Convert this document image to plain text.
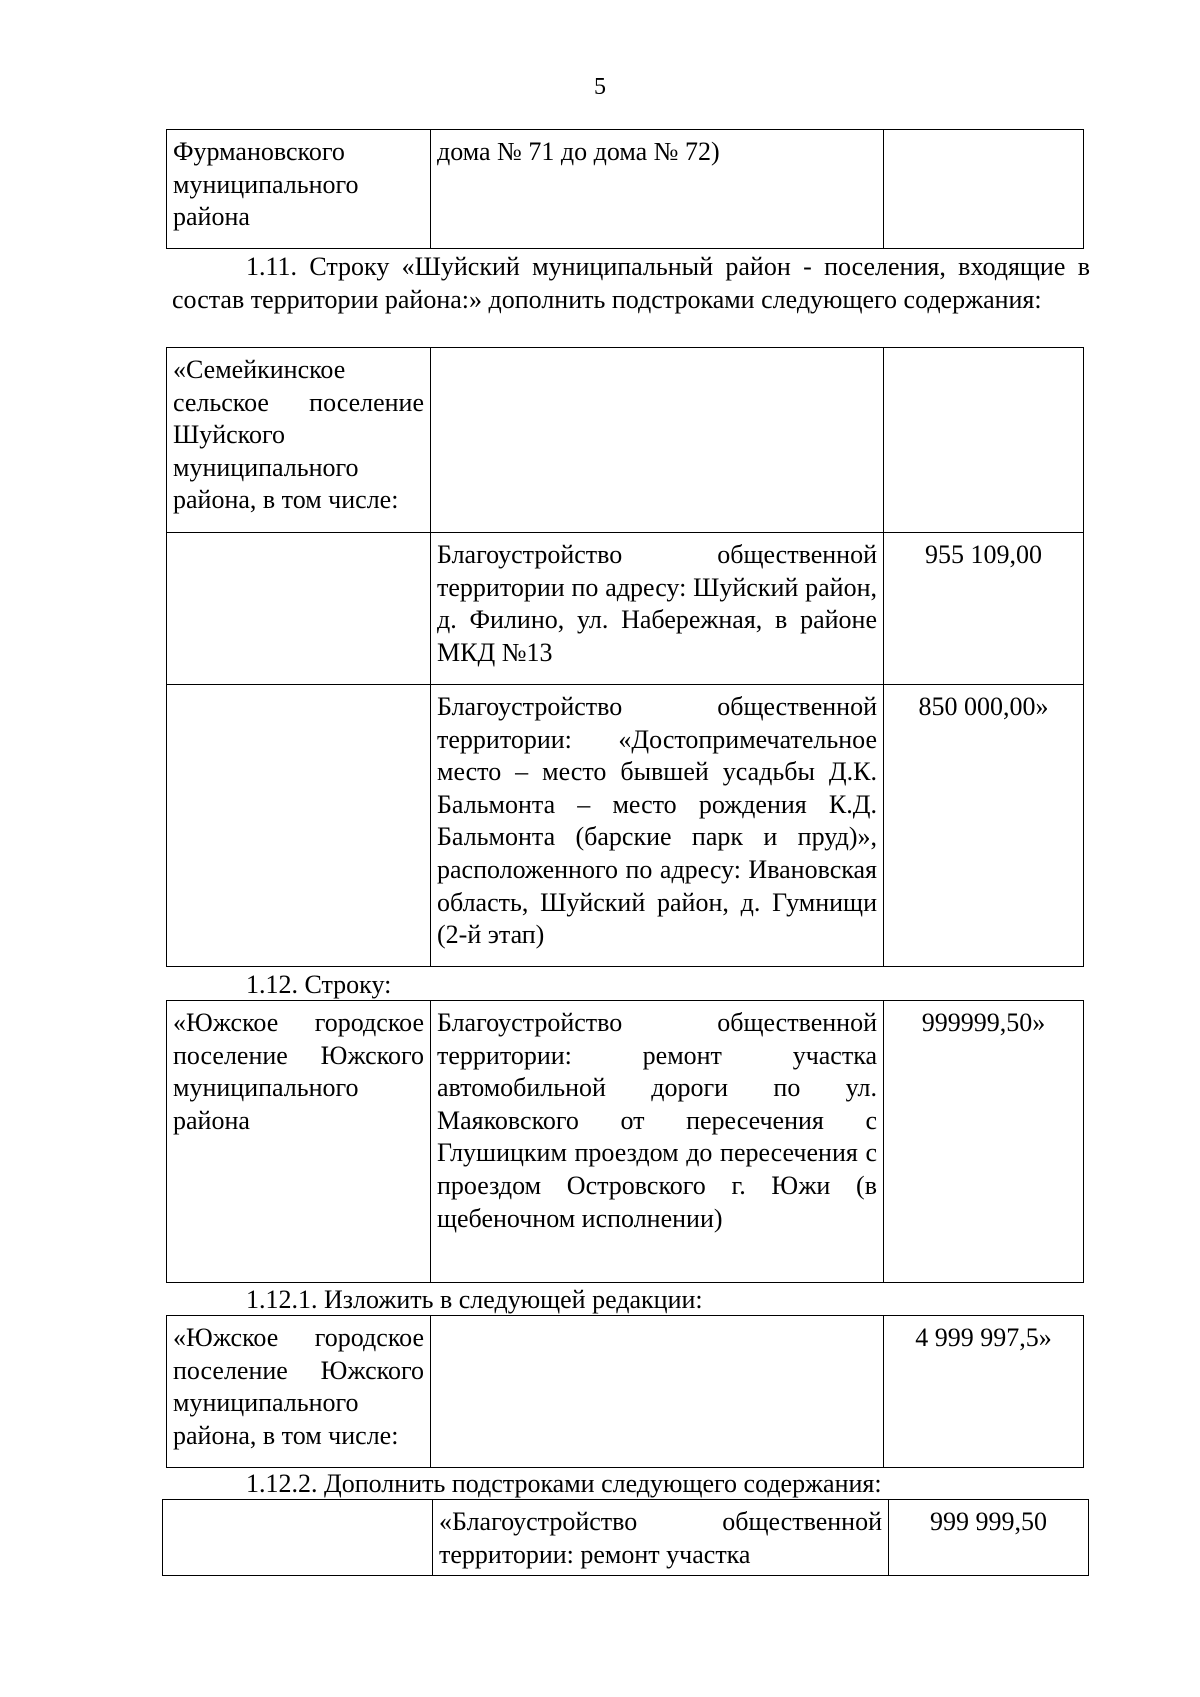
5
Фурмановского муниципального района	дома № 71 до дома № 72)	

1.11. Строку «Шуйский муниципальный район - поселения, входящие в состав территории района:» дополнить подстроками следующего содержания:

«Семейкинское сельское поселение Шуйского муниципального района, в том числе:		
	Благоустройство общественной территории по адресу: Шуйский район, д. Филино, ул. Набережная, в районе МКД №13	955 109,00
	Благоустройство общественной территории: «Достопримечательное место – место бывшей усадьбы Д.К. Бальмонта – место рождения К.Д. Бальмонта (барские парк и пруд)», расположенного по адресу: Ивановская область, Шуйский район, д. Гумнищи (2-й этап)	850 000,00»

1.12. Строку:

«Южское городское поселение Южского муниципального района	Благоустройство общественной территории: ремонт участка автомобильной дороги по ул. Маяковского от пересечения с Глушицким проездом до пересечения с проездом Островского г. Южи (в щебеночном исполнении)	999999,50»

1.12.1. Изложить в следующей редакции:

«Южское городское поселение Южского муниципального района, в том числе:		4 999 997,5»

1.12.2. Дополнить подстроками следующего содержания:

	«Благоустройство общественной территории: ремонт участка	999 999,50
